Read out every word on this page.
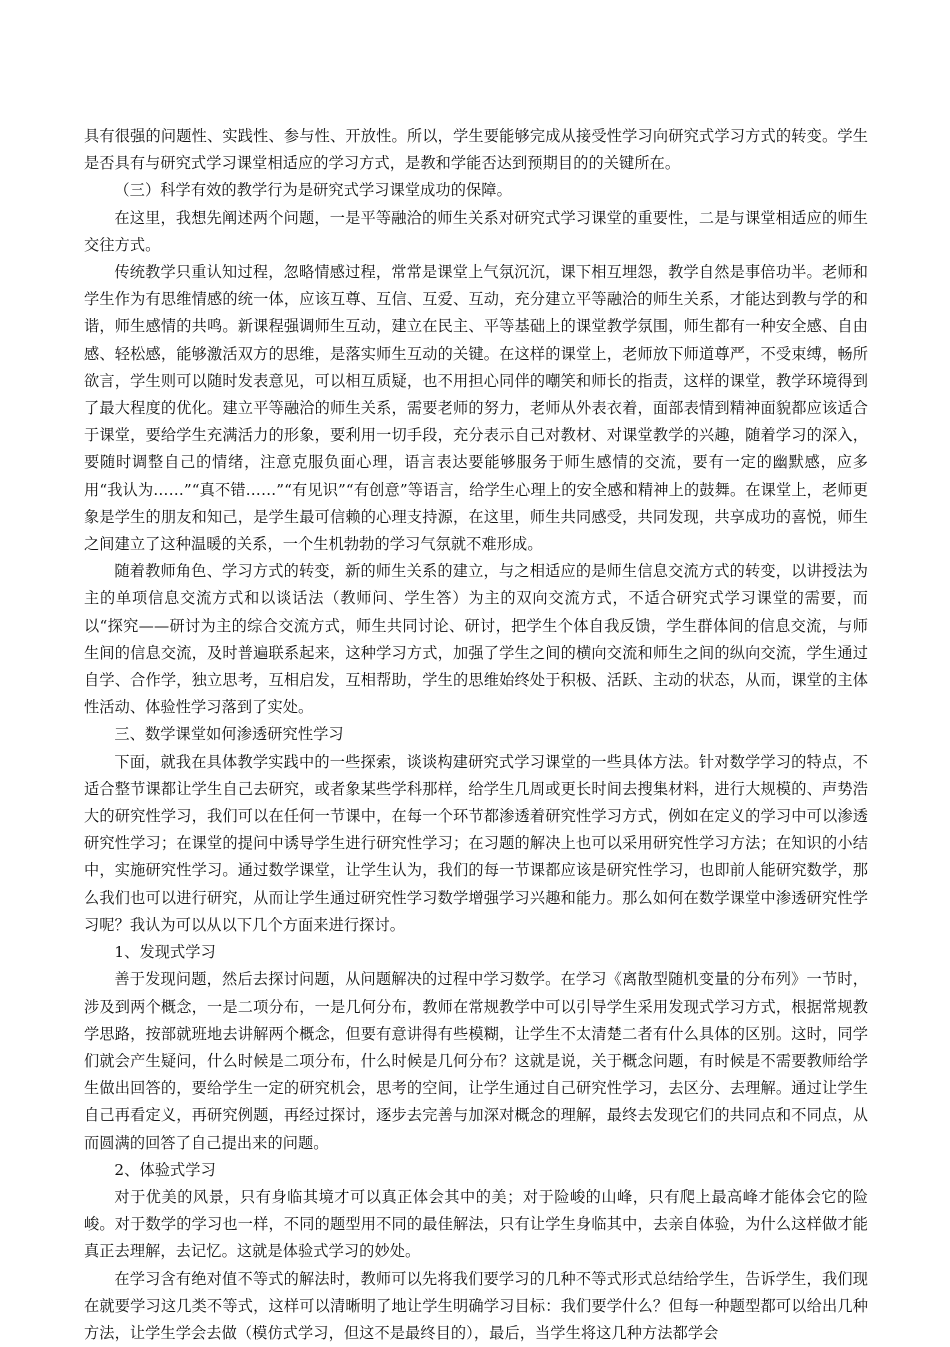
具有很强的问题性、实践性、参与性、开放性。所以，学生要能够完成从接受性学习向研究式学习方式的转变。学生是否具有与研究式学习课堂相适应的学习方式，是教和学能否达到预期目的的关键所在。

（三）科学有效的教学行为是研究式学习课堂成功的保障。

在这里，我想先阐述两个问题，一是平等融洽的师生关系对研究式学习课堂的重要性，二是与课堂相适应的师生交往方式。

传统教学只重认知过程，忽略情感过程，常常是课堂上气氛沉沉，课下相互埋怨，教学自然是事倍功半。老师和学生作为有思维情感的统一体，应该互尊、互信、互爱、互动，充分建立平等融洽的师生关系，才能达到教与学的和谐，师生感情的共鸣。新课程强调师生互动，建立在民主、平等基础上的课堂教学氛围，师生都有一种安全感、自由感、轻松感，能够激活双方的思维，是落实师生互动的关键。在这样的课堂上，老师放下师道尊严，不受束缚，畅所欲言，学生则可以随时发表意见，可以相互质疑，也不用担心同伴的嘲笑和师长的指责，这样的课堂，教学环境得到了最大程度的优化。建立平等融洽的师生关系，需要老师的努力，老师从外表衣着，面部表情到精神面貌都应该适合于课堂，要给学生充满活力的形象，要利用一切手段，充分表示自己对教材、对课堂教学的兴趣，随着学习的深入，要随时调整自己的情绪，注意克服负面心理，语言表达要能够服务于师生感情的交流，要有一定的幽默感，应多用“我认为……”“真不错……”“有见识”“有创意”等语言，给学生心理上的安全感和精神上的鼓舞。在课堂上，老师更象是学生的朋友和知己，是学生最可信赖的心理支持源，在这里，师生共同感受，共同发现，共享成功的喜悦，师生之间建立了这种温暖的关系，一个生机勃勃的学习气氛就不难形成。

随着教师角色、学习方式的转变，新的师生关系的建立，与之相适应的是师生信息交流方式的转变，以讲授法为主的单项信息交流方式和以谈话法（教师问、学生答）为主的双向交流方式，不适合研究式学习课堂的需要，而以“探究——研讨为主的综合交流方式，师生共同讨论、研讨，把学生个体自我反馈，学生群体间的信息交流，与师生间的信息交流，及时普遍联系起来，这种学习方式，加强了学生之间的横向交流和师生之间的纵向交流，学生通过自学、合作学，独立思考，互相启发，互相帮助，学生的思维始终处于积极、活跃、主动的状态，从而，课堂的主体性活动、体验性学习落到了实处。

三、数学课堂如何渗透研究性学习

下面，就我在具体教学实践中的一些探索，谈谈构建研究式学习课堂的一些具体方法。针对数学学习的特点，不适合整节课都让学生自己去研究，或者象某些学科那样，给学生几周或更长时间去搜集材料，进行大规模的、声势浩大的研究性学习，我们可以在任何一节课中，在每一个环节都渗透着研究性学习方式，例如在定义的学习中可以渗透研究性学习；在课堂的提问中诱导学生进行研究性学习；在习题的解决上也可以采用研究性学习方法；在知识的小结中，实施研究性学习。通过数学课堂，让学生认为，我们的每一节课都应该是研究性学习，也即前人能研究数学，那么我们也可以进行研究，从而让学生通过研究性学习数学增强学习兴趣和能力。那么如何在数学课堂中渗透研究性学习呢？我认为可以从以下几个方面来进行探讨。

1、发现式学习

善于发现问题，然后去探讨问题，从问题解决的过程中学习数学。在学习《离散型随机变量的分布列》一节时，涉及到两个概念，一是二项分布，一是几何分布，教师在常规教学中可以引导学生采用发现式学习方式，根据常规教学思路，按部就班地去讲解两个概念，但要有意讲得有些模糊，让学生不太清楚二者有什么具体的区别。这时，同学们就会产生疑问，什么时候是二项分布，什么时候是几何分布？这就是说，关于概念问题，有时候是不需要教师给学生做出回答的，要给学生一定的研究机会，思考的空间，让学生通过自己研究性学习，去区分、去理解。通过让学生自己再看定义，再研究例题，再经过探讨，逐步去完善与加深对概念的理解，最终去发现它们的共同点和不同点，从而圆满的回答了自己提出来的问题。

2、体验式学习

对于优美的风景，只有身临其境才可以真正体会其中的美；对于险峻的山峰，只有爬上最高峰才能体会它的险峻。对于数学的学习也一样，不同的题型用不同的最佳解法，只有让学生身临其中，去亲自体验，为什么这样做才能真正去理解，去记忆。这就是体验式学习的妙处。

在学习含有绝对值不等式的解法时，教师可以先将我们要学习的几种不等式形式总结给学生，告诉学生，我们现在就要学习这几类不等式，这样可以清晰明了地让学生明确学习目标：我们要学什么？但每一种题型都可以给出几种方法，让学生学会去做（模仿式学习，但这不是最终目的），最后，当学生将这几种方法都学会
